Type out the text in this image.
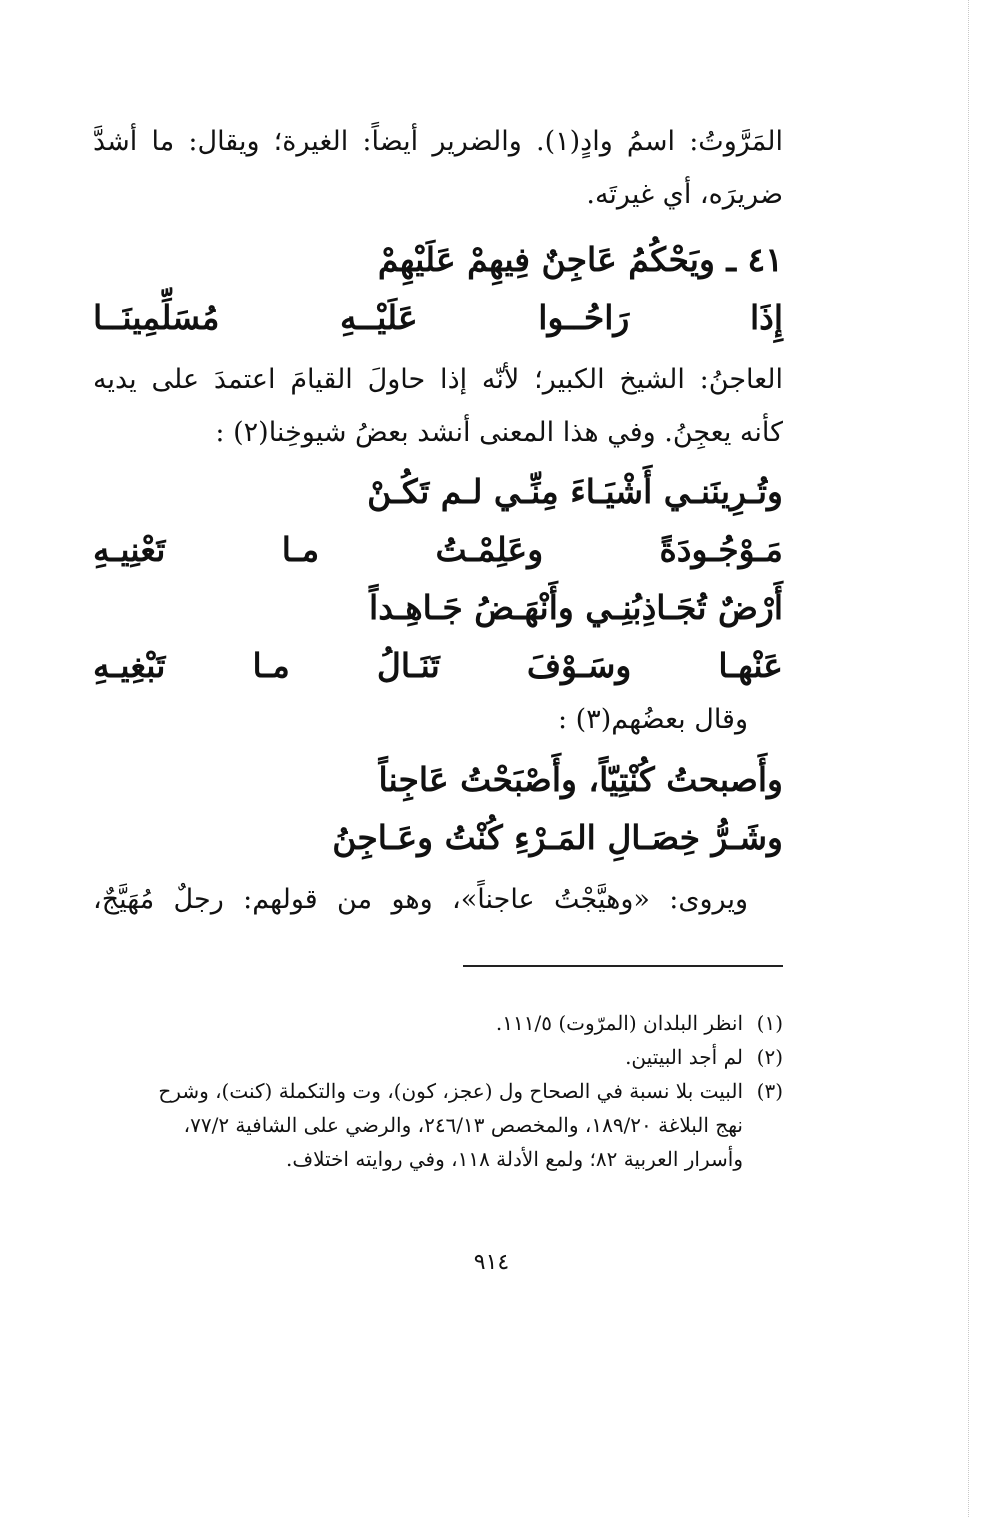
المَرَّوتُ: اسمُ وادٍ(١). والضرير أيضاً: الغيرة؛ ويقال: ما أشدَّ
ضريرَه، أي غيرتَه.
٤١ ـ ويَحْكُمُ عَاجِنٌ فِيهِمْ عَلَيْهِمْ
إِذَا رَاحُــوا عَلَيْــهِ مُسَلِّمِينَــا
العاجنُ: الشيخ الكبير؛ لأنّه إذا حاولَ القيامَ اعتمدَ على يديه
كأنه يعجِنُ. وفي هذا المعنى أنشد بعضُ شيوخِنا(٢) :
وتُـرِينَنـي أَشْيَـاءَ مِنِّـي لـم تَكُـنْ
مَـوْجُـودَةً وعَلِمْـتُ مـا تَعْنِيـهِ
أَرْضٌ تُجَـاذِبُنِـي وأَنْهَـضُ جَـاهِـداً
عَنْهـا وسَـوْفَ تَنَـالُ مـا تَبْغِيـهِ
وقال بعضُهم(٣) :
وأَصبحتُ كُنْتِيّاً، وأَصْبَحْتُ عَاجِناً
وشَـرُّ خِصَـالِ المَـرْءِ كُنْتُ وعَـاجِنُ
ويروى: «وهيَّجْتُ عاجناً»، وهو من قولهم: رجلٌ مُهَيَّجٌ،
(١)انظر البلدان (المرّوت) ١١١/٥.
(٢)لم أجد البيتين.
(٣)البيت بلا نسبة في الصحاح ول (عجز، كون)، وت والتكملة (كنت)، وشرح
نهج البلاغة ١٨٩/٢٠، والمخصص ٢٤٦/١٣، والرضي على الشافية ٧٧/٢،
وأسرار العربية ٨٢؛ ولمع الأدلة ١١٨، وفي روايته اختلاف.
٩١٤
